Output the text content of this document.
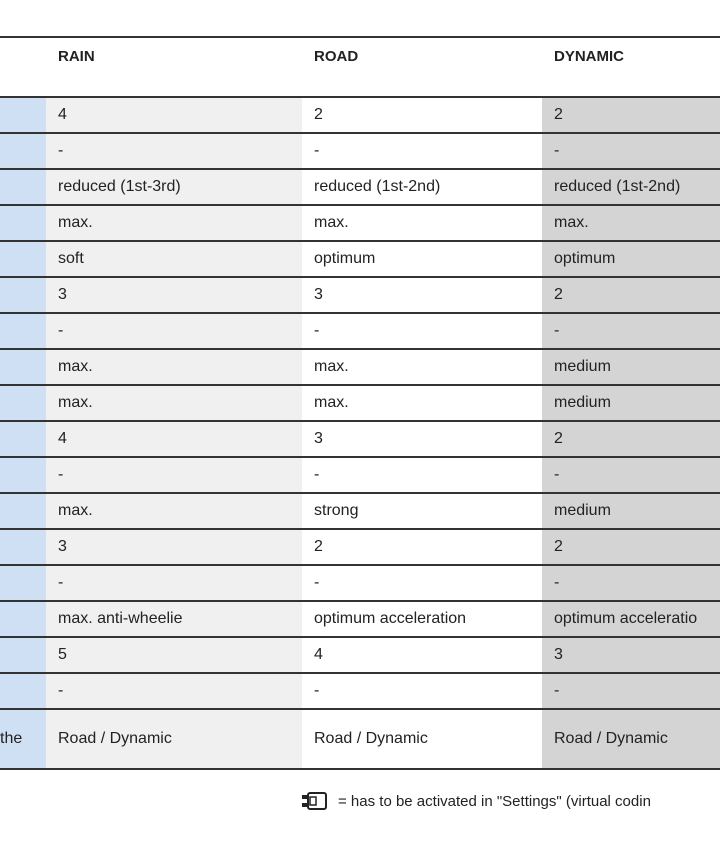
RAIN	ROAD	DYNAMIC
4	2	2
-	-	-
reduced (1st-3rd)	reduced (1st-2nd)	reduced (1st-2nd)
max.	max.	max.
soft	optimum	optimum
3	3	2
-	-	-
max.	max.	medium
max.	max.	medium
4	3	2
-	-	-
max.	strong	medium
3	2	2
-	-	-
max. anti-wheelie	optimum acceleration	optimum acceleratio
5	4	3
-	-	-
the	Road / Dynamic	Road / Dynamic	Road / Dynamic
= has to be activated in "Settings" (virtual codin
